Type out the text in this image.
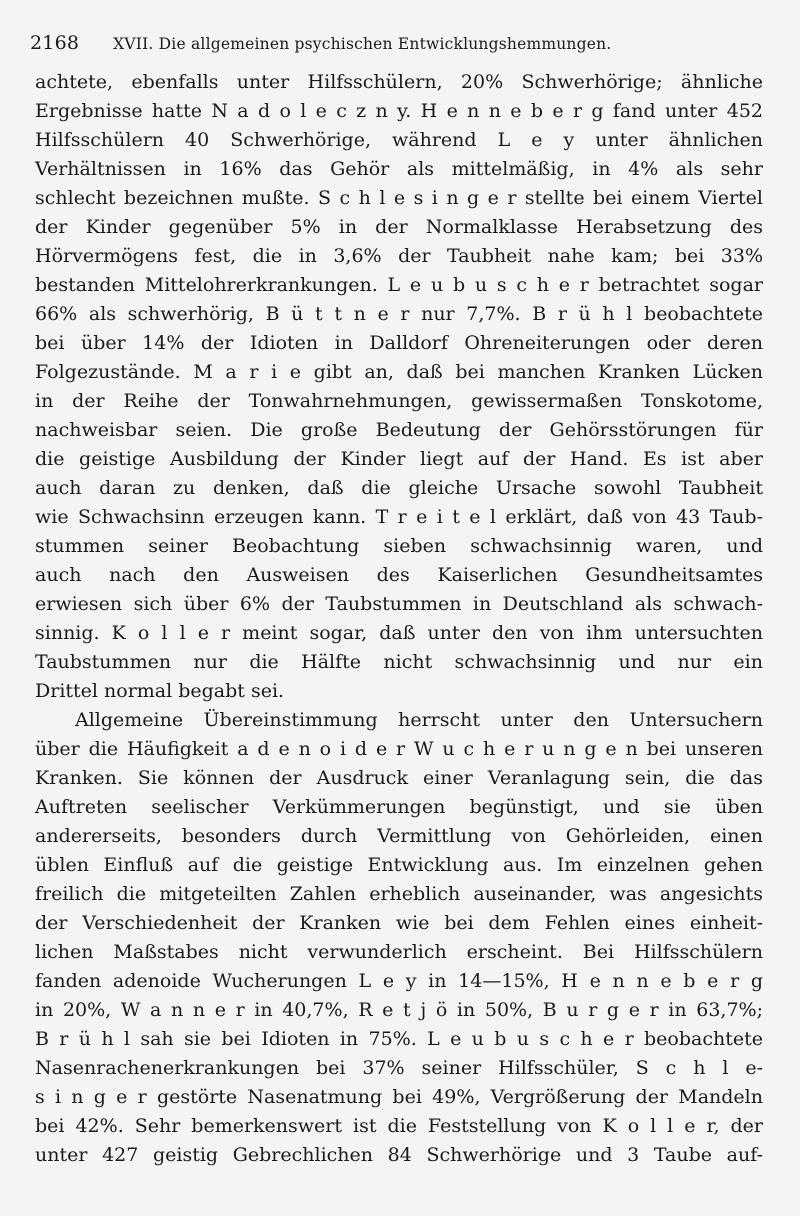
2168 XVII. Die allgemeinen psychischen Entwicklungshemmungen.
achtete, ebenfalls unter Hilfsschülern, 20% Schwerhörige; ähnliche
Ergebnisse hatte N a d o l e c z n y. H e n n e b e r g fand unter 452
Hilfsschülern 40 Schwerhörige, während L e y unter ähnlichen
Verhältnissen in 16% das Gehör als mittelmäßig, in 4% als sehr
schlecht bezeichnen mußte. S c h l e s i n g e r stellte bei einem Viertel
der Kinder gegenüber 5% in der Normalklasse Herabsetzung des
Hörvermögens fest, die in 3,6% der Taubheit nahe kam; bei 33%
bestanden Mittelohrerkrankungen. L e u b u s c h e r betrachtet sogar
66% als schwerhörig, B ü t t n e r nur 7,7%. B r ü h l beobachtete
bei über 14% der Idioten in Dalldorf Ohreneiterungen oder deren
Folgezustände. M a r i e gibt an, daß bei manchen Kranken Lücken
in der Reihe der Tonwahrnehmungen, gewissermaßen Tonskotome,
nachweisbar seien. Die große Bedeutung der Gehörsstörungen für
die geistige Ausbildung der Kinder liegt auf der Hand. Es ist aber
auch daran zu denken, daß die gleiche Ursache sowohl Taubheit
wie Schwachsinn erzeugen kann. T r e i t e l erklärt, daß von 43 Taub-
stummen seiner Beobachtung sieben schwachsinnig waren, und
auch nach den Ausweisen des Kaiserlichen Gesundheitsamtes
erwiesen sich über 6% der Taubstummen in Deutschland als schwach-
sinnig. K o l l e r meint sogar, daß unter den von ihm untersuchten
Taubstummen nur die Hälfte nicht schwachsinnig und nur ein
Drittel normal begabt sei.
Allgemeine Übereinstimmung herrscht unter den Untersuchern
über die Häufigkeit a d e n o i d e r W u c h e r u n g e n bei unseren
Kranken. Sie können der Ausdruck einer Veranlagung sein, die das
Auftreten seelischer Verkümmerungen begünstigt, und sie üben
andererseits, besonders durch Vermittlung von Gehörleiden, einen
üblen Einfluß auf die geistige Entwicklung aus. Im einzelnen gehen
freilich die mitgeteilten Zahlen erheblich auseinander, was angesichts
der Verschiedenheit der Kranken wie bei dem Fehlen eines einheit-
lichen Maßstabes nicht verwunderlich erscheint. Bei Hilfsschülern
fanden adenoide Wucherungen L e y in 14—15%, H e n n e b e r g
in 20%, W a n n e r in 40,7%, R e t j ö in 50%, B u r g e r in 63,7%;
B r ü h l sah sie bei Idioten in 75%. L e u b u s c h e r beobachtete
Nasenrachenerkrankungen bei 37% seiner Hilfsschüler, S c h l e-
s i n g e r gestörte Nasenatmung bei 49%, Vergrößerung der Mandeln
bei 42%. Sehr bemerkenswert ist die Feststellung von K o l l e r, der
unter 427 geistig Gebrechlichen 84 Schwerhörige und 3 Taube auf-
